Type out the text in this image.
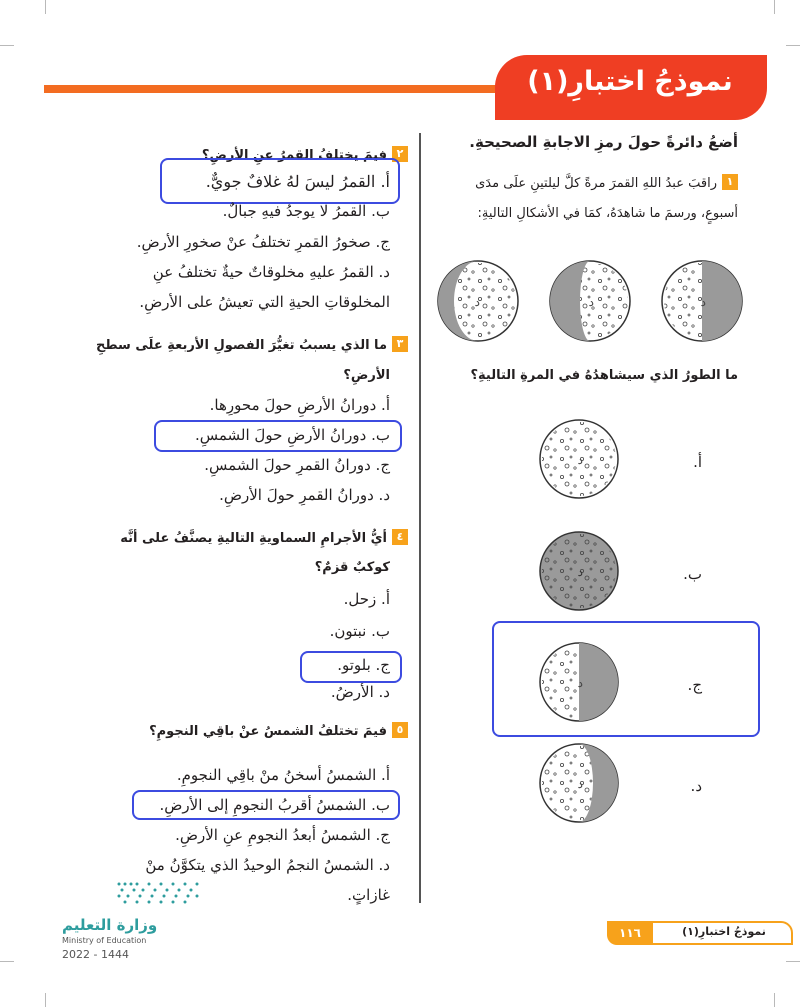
نموذجُ اختبارِ(١)
أضعُ دائرةً حولَ رمزِ الاجابةِ الصحيحةِ.
١راقبَ عبدُ اللهِ القمرَ مرةً كلَّ ليلتينِ علَى مدَى
أسبوعٍ، ورسمَ ما شاهدَهُ، كمَا في الأشكالِ التاليةِ:
د	د	د
ما الطورُ الذي سيشاهدُهُ في المرةِ التاليةِ؟
أ.
د
ب.
د
ج.
د
د.
د
٢فيمَ يختلفُ القمرُ عنِ الأرضِ؟
أ. القمرُ ليسَ لهُ غلافٌ جويٌّ.
ب. القمرُ لا يوجدُ فيهِ جبالٌ.
ج. صخورُ القمرِ تختلفُ عنْ صخورِ الأرضِ.
د. القمرُ عليهِ مخلوقاتٌ حيةٌ تختلفُ عنِ
المخلوقاتِ الحيةِ التي تعيشُ على الأرضِ.
٣ما الذي يسببُ تغيُّرَ الفصولِ الأربعةِ علَى سطحِ
الأرضِ؟
أ. دورانُ الأرضِ حولَ محورِها.
ب. دورانُ الأرضِ حولَ الشمسِ.
ج. دورانُ القمرِ حولَ الشمسِ.
د. دورانُ القمرِ حولَ الأرضِ.
٤أيُّ الأجرامِ السماويةِ التاليةِ يصنَّفُ على أنَّه
كوكبٌ قزمٌ؟
أ. زحل.
ب. نبتون.
ج. بلوتو.
د. الأرضُ.
٥فيمَ تختلفُ الشمسُ عنْ باقِي النجومِ؟
أ. الشمسُ أسخنُ منْ باقِي النجومِ.
ب. الشمسُ أقربُ النجومِ إلى الأرضِ.
ج. الشمسُ أبعدُ النجومِ عنِ الأرضِ.
د. الشمسُ النجمُ الوحيدُ الذي يتكوَّنُ منْ
غازاتٍ.
١١٦	نموذجُ اختبارِ(١)
وزارة التعليم
Ministry of Education
2022 - 1444
